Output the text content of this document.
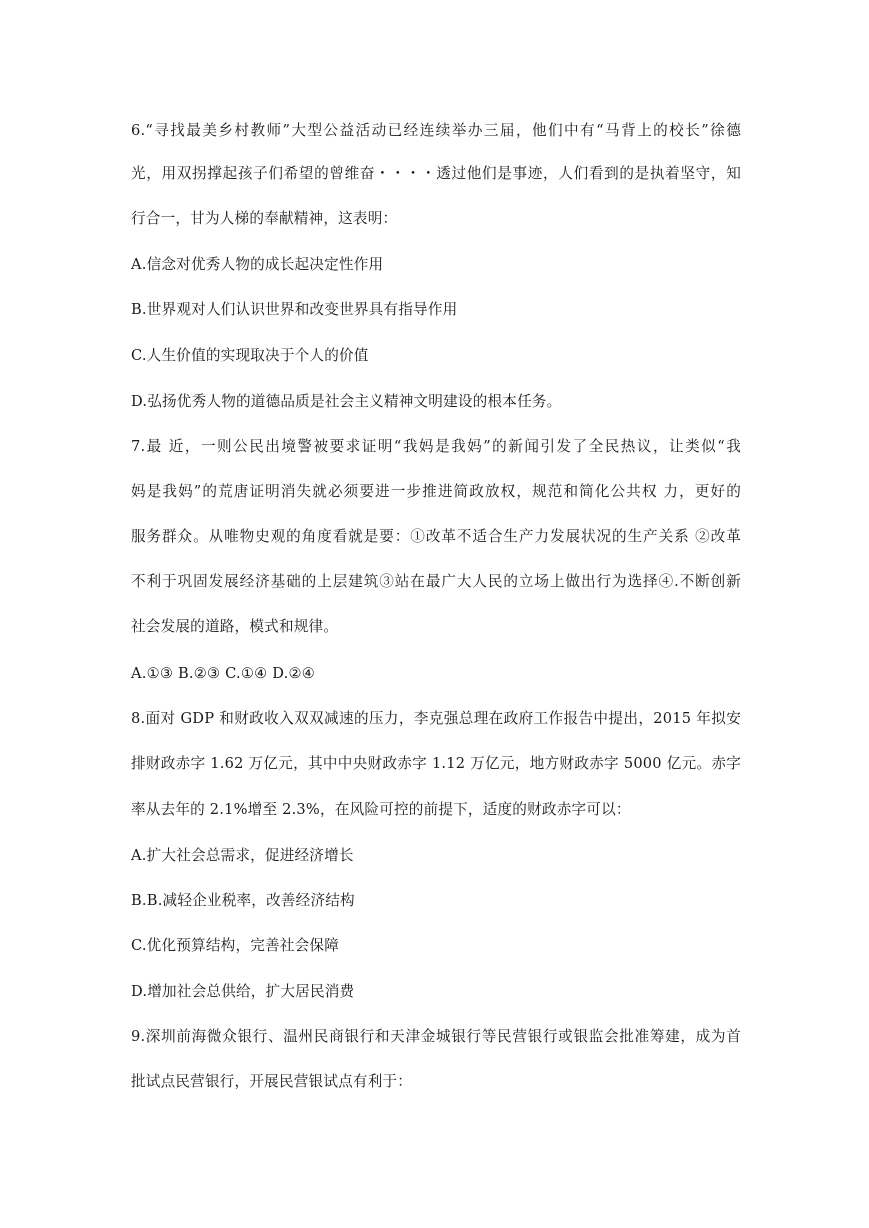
6.“寻找最美乡村教师”大型公益活动已经连续举办三届，他们中有“马背上的校长”徐德
光，用双拐撑起孩子们希望的曾维奋・・・・透过他们是事迹，人们看到的是执着坚守，知
行合一，甘为人梯的奉献精神，这表明：
A.信念对优秀人物的成长起决定性作用
B.世界观对人们认识世界和改变世界具有指导作用
C.人生价值的实现取决于个人的价值
D.弘扬优秀人物的道德品质是社会主义精神文明建设的根本任务。
7.最 近，一则公民出境警被要求证明“我妈是我妈”的新闻引发了全民热议，让类似“我
妈是我妈”的荒唐证明消失就必须要进一步推进简政放权，规范和简化公共权 力，更好的
服务群众。从唯物史观的角度看就是要：①改革不适合生产力发展状况的生产关系 ②改革
不利于巩固发展经济基础的上层建筑③站在最广大人民的立场上做出行为选择④.不断创新
社会发展的道路，模式和规律。
A.①③ B.②③ C.①④ D.②④
8.面对 GDP 和财政收入双双减速的压力，李克强总理在政府工作报告中提出，2015 年拟安
排财政赤字 1.62 万亿元，其中中央财政赤字 1.12 万亿元，地方财政赤字 5000 亿元。赤字
率从去年的 2.1%增至 2.3%，在风险可控的前提下，适度的财政赤字可以：
A.扩大社会总需求，促进经济增长
B.B.减轻企业税率，改善经济结构
C.优化预算结构，完善社会保障
D.增加社会总供给，扩大居民消费
9.深圳前海微众银行、温州民商银行和天津金城银行等民营银行或银监会批准筹建，成为首
批试点民营银行，开展民营银试点有利于：
